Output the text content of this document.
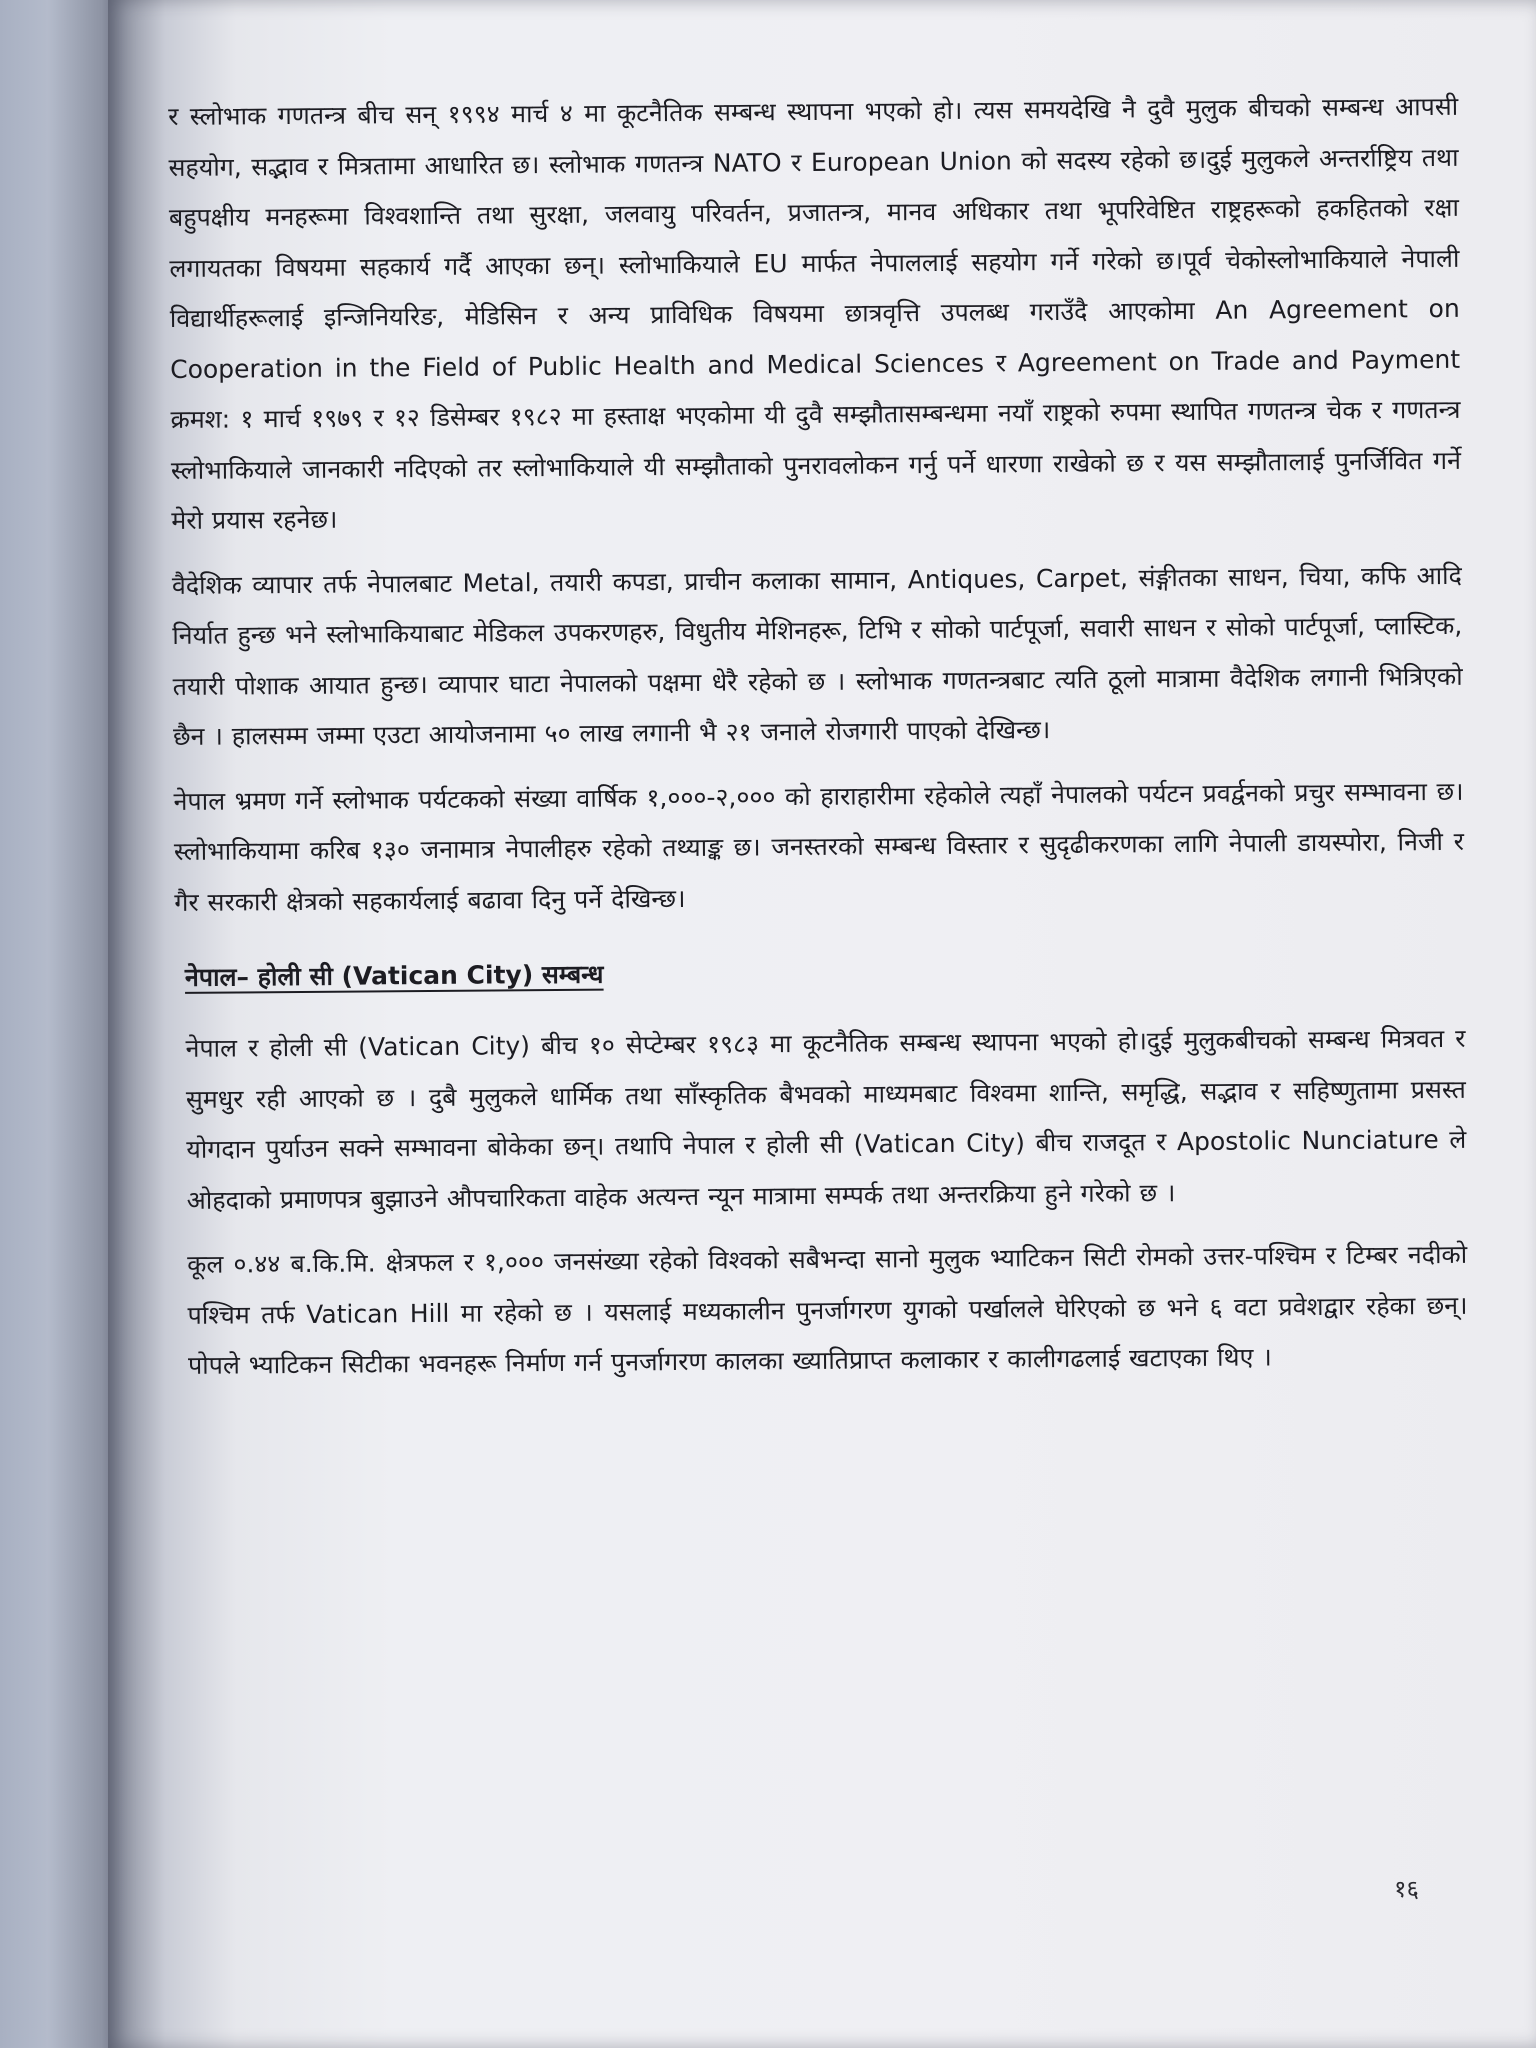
र स्लोभाक गणतन्त्र बीच सन् १९९४ मार्च ४ मा कूटनैतिक सम्बन्ध स्थापना भएको हो। त्यस समयदेखि नै दुवै मुलुक बीचको सम्बन्ध आपसी सहयोग, सद्भाव र मित्रतामा आधारित छ। स्लोभाक गणतन्त्र NATO र European Union को सदस्य रहेको छ।दुई मुलुकले अन्तर्राष्ट्रिय तथा बहुपक्षीय मनहरूमा विश्वशान्ति तथा सुरक्षा, जलवायु परिवर्तन, प्रजातन्त्र, मानव अधिकार तथा भूपरिवेष्टित राष्ट्रहरूको हकहितको रक्षा लगायतका विषयमा सहकार्य गर्दै आएका छन्। स्लोभाकियाले EU मार्फत नेपाललाई सहयोग गर्ने गरेको छ।पूर्व चेकोस्लोभाकियाले नेपाली विद्यार्थीहरूलाई इन्जिनियरिङ, मेडिसिन र अन्य प्राविधिक विषयमा छात्रवृत्ति उपलब्ध गराउँदै आएकोमा An Agreement on Cooperation in the Field of Public Health and Medical Sciences र Agreement on Trade and Payment क्रमश: १ मार्च १९७९ र १२ डिसेम्बर १९८२ मा हस्ताक्ष भएकोमा यी दुवै सम्झौतासम्बन्धमा नयाँ राष्ट्रको रुपमा स्थापित गणतन्त्र चेक र गणतन्त्र स्लोभाकियाले जानकारी नदिएको तर स्लोभाकियाले यी सम्झौताको पुनरावलोकन गर्नु पर्ने धारणा राखेको छ र यस सम्झौतालाई पुनर्जिवित गर्ने मेरो प्रयास रहनेछ।

वैदेशिक व्यापार तर्फ नेपालबाट Metal, तयारी कपडा, प्राचीन कलाका सामान, Antiques, Carpet, संङ्गीतका साधन, चिया, कफि आदि निर्यात हुन्छ भने स्लोभाकियाबाट मेडिकल उपकरणहरु, विधुतीय मेशिनहरू, टिभि र सोको पार्टपूर्जा, सवारी साधन र सोको पार्टपूर्जा, प्लास्टिक, तयारी पोशाक आयात हुन्छ। व्यापार घाटा नेपालको पक्षमा धेरै रहेको छ । स्लोभाक गणतन्त्रबाट त्यति ठूलो मात्रामा वैदेशिक लगानी भित्रिएको छैन । हालसम्म जम्मा एउटा आयोजनामा ५० लाख लगानी भै २१ जनाले रोजगारी पाएको देखिन्छ।

नेपाल भ्रमण गर्ने स्लोभाक पर्यटकको संख्या वार्षिक १,०००-२,००० को हाराहारीमा रहेकोले त्यहाँ नेपालको पर्यटन प्रवर्द्वनको प्रचुर सम्भावना छ।स्लोभाकियामा करिब १३० जनामात्र नेपालीहरु रहेको तथ्याङ्क छ। जनस्तरको सम्बन्ध विस्तार र सुदृढीकरणका लागि नेपाली डायस्पोरा, निजी र गैर सरकारी क्षेत्रको सहकार्यलाई बढावा दिनु पर्ने देखिन्छ।

नेपाल– होली सी (Vatican City) सम्बन्ध

नेपाल र होली सी (Vatican City) बीच १० सेप्टेम्बर १९८३ मा कूटनैतिक सम्बन्ध स्थापना भएको हो।दुई मुलुकबीचको सम्बन्ध मित्रवत र सुमधुर रही आएको छ । दुबै मुलुकले धार्मिक तथा साँस्कृतिक बैभवको माध्यमबाट विश्वमा शान्ति, समृद्धि, सद्भाव र सहिष्णुतामा प्रसस्त योगदान पुर्याउन सक्ने सम्भावना बोकेका छन्। तथापि नेपाल र होली सी (Vatican City) बीच राजदूत र Apostolic Nunciature ले ओहदाको प्रमाणपत्र बुझाउने औपचारिकता वाहेक अत्यन्त न्यून मात्रामा सम्पर्क तथा अन्तरक्रिया हुने गरेको छ ।

कूल ०.४४ ब.कि.मि. क्षेत्रफल र १,००० जनसंख्या रहेको विश्वको सबैभन्दा सानो मुलुक भ्याटिकन सिटी रोमको उत्तर-पश्चिम र टिम्बर नदीको पश्चिम तर्फ Vatican Hill मा रहेको छ । यसलाई मध्यकालीन पुनर्जागरण युगको पर्खालले घेरिएको छ भने ६ वटा प्रवेशद्वार रहेका छन्।पोपले भ्याटिकन सिटीका भवनहरू निर्माण गर्न पुनर्जागरण कालका ख्यातिप्राप्त कलाकार र कालीगढलाई खटाएका थिए ।

१६
